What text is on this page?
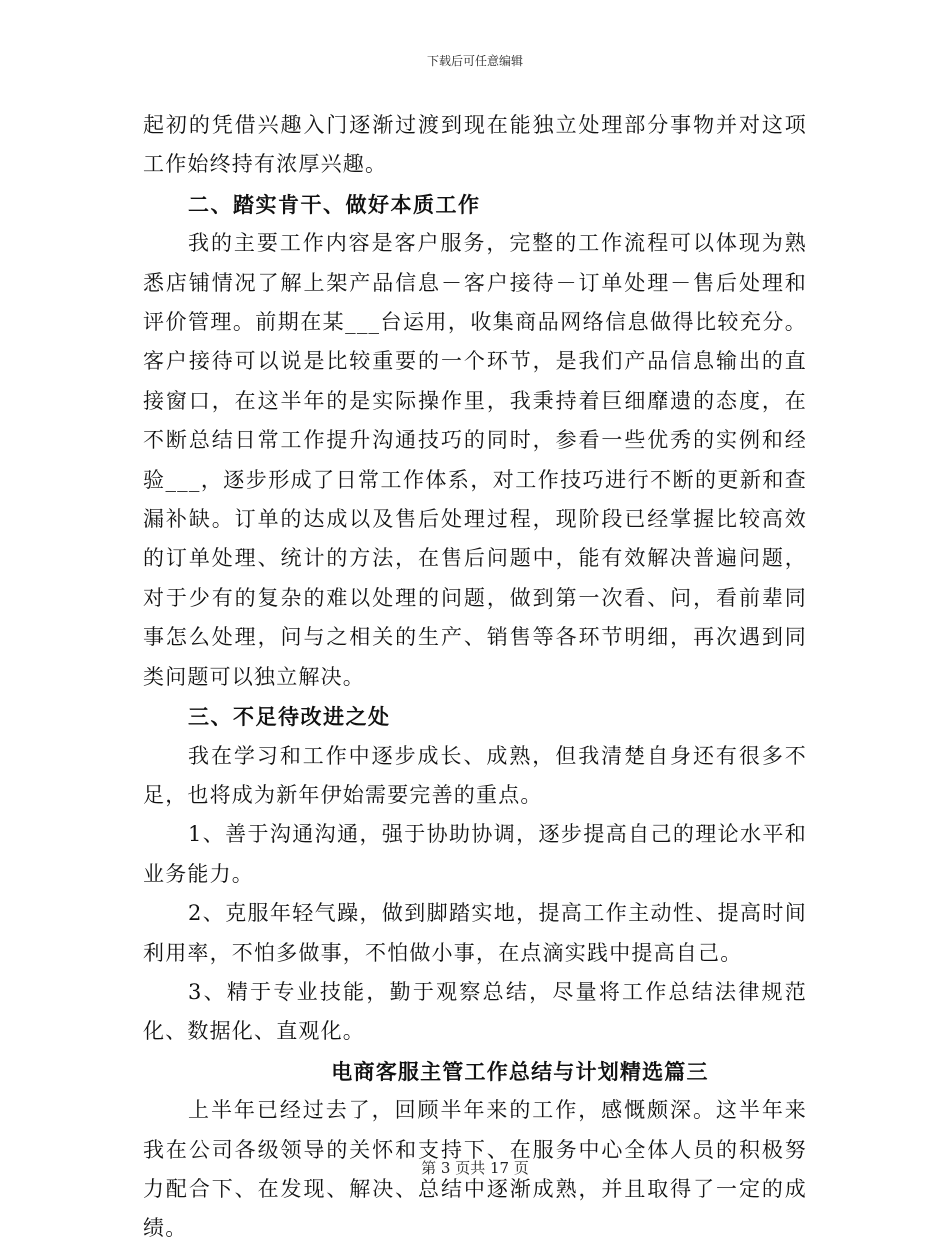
下载后可任意编辑

起初的凭借兴趣入门逐渐过渡到现在能独立处理部分事物并对这项工作始终持有浓厚兴趣。

二、踏实肯干、做好本质工作

我的主要工作内容是客户服务，完整的工作流程可以体现为熟悉店铺情况了解上架产品信息－客户接待－订单处理－售后处理和评价管理。前期在某___台运用，收集商品网络信息做得比较充分。客户接待可以说是比较重要的一个环节，是我们产品信息输出的直接窗口，在这半年的是实际操作里，我秉持着巨细靡遗的态度，在不断总结日常工作提升沟通技巧的同时，参看一些优秀的实例和经验___，逐步形成了日常工作体系，对工作技巧进行不断的更新和查漏补缺。订单的达成以及售后处理过程，现阶段已经掌握比较高效的订单处理、统计的方法，在售后问题中，能有效解决普遍问题，对于少有的复杂的难以处理的问题，做到第一次看、问，看前辈同事怎么处理，问与之相关的生产、销售等各环节明细，再次遇到同类问题可以独立解决。

三、不足待改进之处

我在学习和工作中逐步成长、成熟，但我清楚自身还有很多不足，也将成为新年伊始需要完善的重点。

1、善于沟通沟通，强于协助协调，逐步提高自己的理论水平和业务能力。

2、克服年轻气躁，做到脚踏实地，提高工作主动性、提高时间利用率，不怕多做事，不怕做小事，在点滴实践中提高自己。

3、精于专业技能，勤于观察总结，尽量将工作总结法律规范化、数据化、直观化。

电商客服主管工作总结与计划精选篇三

上半年已经过去了，回顾半年来的工作，感慨颇深。这半年来我在公司各级领导的关怀和支持下、在服务中心全体人员的积极努力配合下、在发现、解决、总结中逐渐成熟，并且取得了一定的成绩。

第 3 页共 17 页
